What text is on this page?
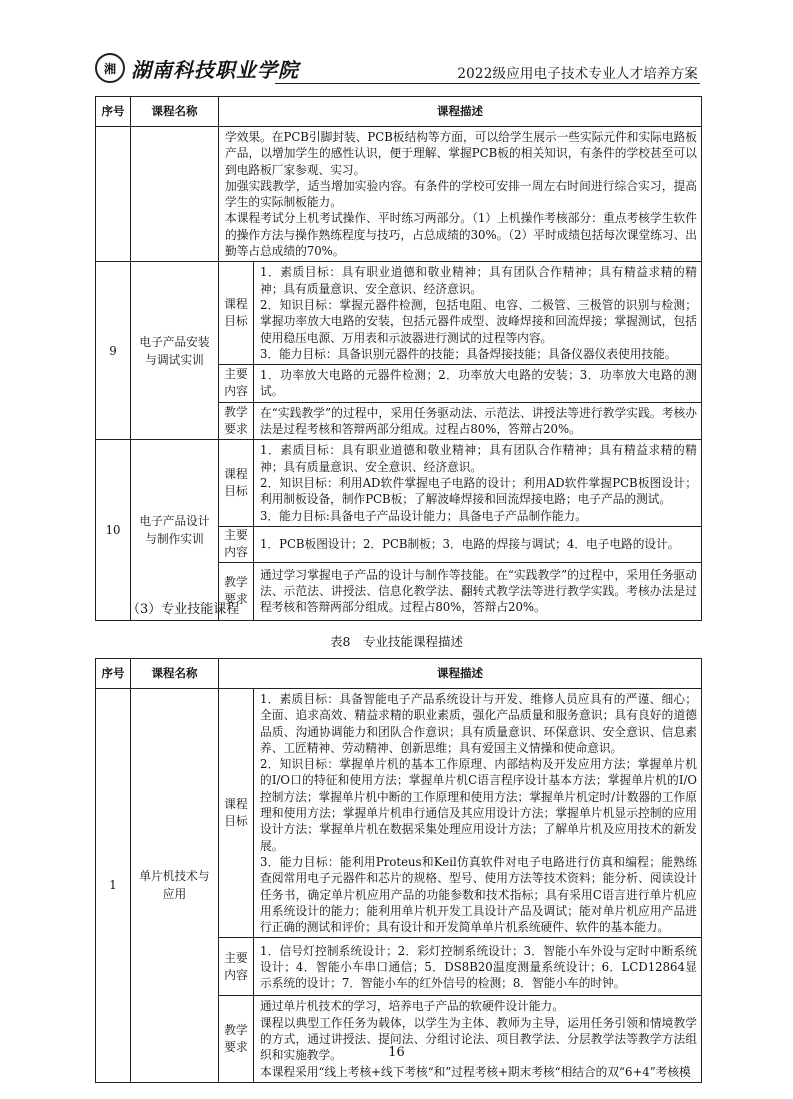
湘 湖南科技职业学院	2022级应用电子技术专业人才培养方案
序号	课程名称	课程描述	

		学效果。在PCB引脚封装、PCB板结构等方面，可以给学生展示一些实际元件和实际电路板产品，以增加学生的感性认识，便于理解、掌握PCB板的相关知识，有条件的学校甚至可以到电路板厂家参观、实习。

加强实践教学，适当增加实验内容。有条件的学校可安排一周左右时间进行综合实习，提高学生的实际制板能力。

本课程考试分上机考试操作、平时练习两部分。（1）上机操作考核部分：重点考核学生软件的操作方法与操作熟练程度与技巧，占总成绩的30%。（2）平时成绩包括每次课堂练习、出勤等占总成绩的70%。	

9	电子产品安装与调试实训	课程目标	1．素质目标：具有职业道德和敬业精神；具有团队合作精神；具有精益求精的精神；具有质量意识、安全意识、经济意识。

2．知识目标：掌握元器件检测，包括电阻、电容、二极管、三极管的识别与检测；掌握功率放大电路的安装，包括元器件成型、波峰焊接和回流焊接；掌握测试，包括使用稳压电源、万用表和示波器进行测试的过程等内容。

3．能力目标：具备识别元器件的技能；具备焊接技能；具备仪器仪表使用技能。

		主要内容	1．功率放大电路的元器件检测；2．功率放大电路的安装；3．功率放大电路的测试。
		教学要求	在“实践教学”的过程中，采用任务驱动法、示范法、讲授法等进行教学实践。考核办法是过程考核和答辩两部分组成。过程占80%，答辩占20%。
10	电子产品设计与制作实训	课程目标	1．素质目标：具有职业道德和敬业精神；具有团队合作精神；具有精益求精的精神；具有质量意识、安全意识、经济意识。

2．知识目标：利用AD软件掌握电子电路的设计；利用AD软件掌握PCB板图设计；利用制板设备，制作PCB板；了解波峰焊接和回流焊接电路；电子产品的测试。

3．能力目标:具备电子产品设计能力；具备电子产品制作能力。

		主要内容	1．PCB板图设计；2．PCB制板；3．电路的焊接与调试；4．电子电路的设计。
		教学要求	通过学习掌握电子产品的设计与制作等技能。在“实践教学”的过程中，采用任务驱动法、示范法、讲授法、信息化教学法、翻转式教学法等进行教学实践。考核办法是过程考核和答辩两部分组成。过程占80%，答辩占20%。
（3）专业技能课程
表8　专业技能课程描述
序号	课程名称	课程描述	
1	单片机技术与应用	课程目标	1．素质目标：具备智能电子产品系统设计与开发、维修人员应具有的严谨、细心；全面、追求高效、精益求精的职业素质，强化产品质量和服务意识；具有良好的道德品质、沟通协调能力和团队合作意识；具有质量意识、环保意识、安全意识、信息素养、工匠精神、劳动精神、创新思维；具有爱国主义情操和使命意识。

2．知识目标：掌握单片机的基本工作原理、内部结构及开发应用方法；掌握单片机的I/O口的特征和使用方法；掌握单片机C语言程序设计基本方法；掌握单片机的I/O控制方法；掌握单片机中断的工作原理和使用方法；掌握单片机定时/计数器的工作原理和使用方法；掌握单片机串行通信及其应用设计方法；掌握单片机显示控制的应用设计方法；掌握单片机在数据采集处理应用设计方法；了解单片机及应用技术的新发展。

3．能力目标：能利用Proteus和Keil仿真软件对电子电路进行仿真和编程；能熟练查阅常用电子元器件和芯片的规格、型号、使用方法等技术资料；能分析、阅读设计任务书，确定单片机应用产品的功能参数和技术指标；具有采用C语言进行单片机应用系统设计的能力；能利用单片机开发工具设计产品及调试；能对单片机应用产品进行正确的测试和评价；具有设计和开发简单单片机系统硬件、软件的基本能力。

		主要内容	1．信号灯控制系统设计；2．彩灯控制系统设计；3．智能小车外设与定时中断系统设计；4．智能小车串口通信；5．DS8B20温度测量系统设计；6．LCD12864显示系统的设计；7．智能小车的红外信号的检测；8．智能小车的时钟。
		教学要求	通过单片机技术的学习，培养电子产品的软硬件设计能力。

课程以典型工作任务为载体，以学生为主体、教师为主导，运用任务引领和情境教学的方式，通过讲授法、提问法、分组讨论法、项目教学法、分层教学法等教学方法组织和实施教学。

本课程采用“线上考核+线下考核“和”过程考核+期末考核“相结合的双“6+4”考核模

16
